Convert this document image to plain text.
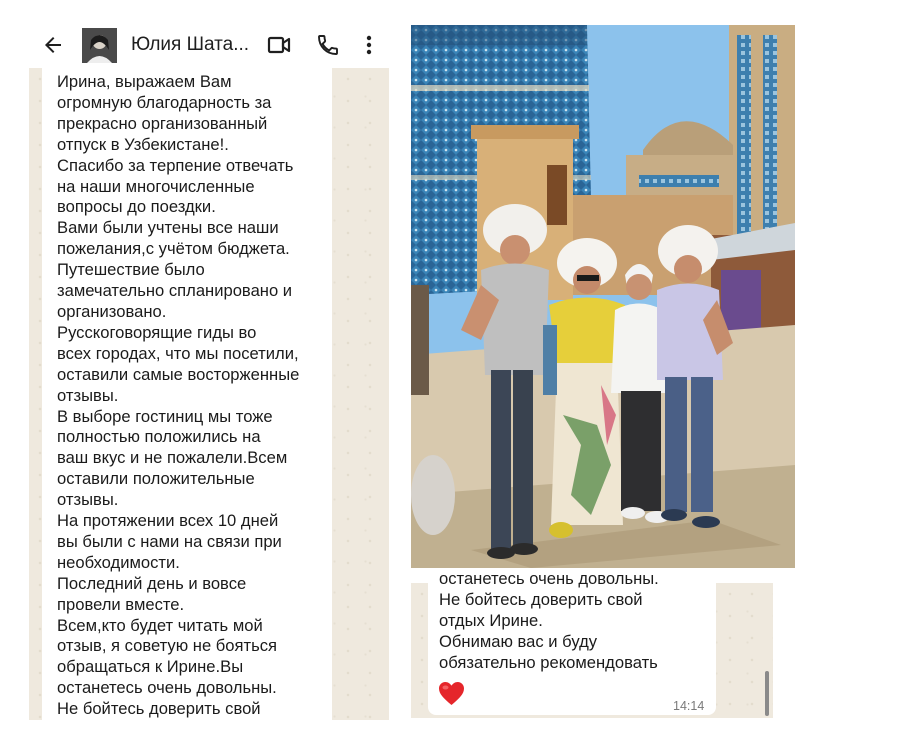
Юлия Шата...

Ирина, выражаем Вам
огромную благодарность за
прекрасно организованный
отпуск в Узбекистане!.
Спасибо за терпение отвечать
на наши многочисленные
вопросы до поездки.
Вами были учтены все наши
пожелания,с учётом бюджета.
Путешествие было
замечательно спланировано и
организовано.
Русскоговорящие гиды во
всех городах, что мы посетили,
оставили самые восторженные
отзывы.
В выборе гостиниц мы тоже
полностью положились на
ваш вкус и не пожалели.Всем
оставили положительные
отзывы.
На протяжении всех 10 дней
вы были с нами на связи при
необходимости.
Последний день и вовсе
провели вместе.
Всем,кто будет читать мой
отзыв, я советую не бояться
обращаться к Ирине.Вы
останетесь очень довольны.
Не бойтесь доверить свой

останетесь очень довольны.
Не бойтесь доверить свой
отдых Ирине.
Обнимаю вас и буду
обязательно рекомендовать

14:14
